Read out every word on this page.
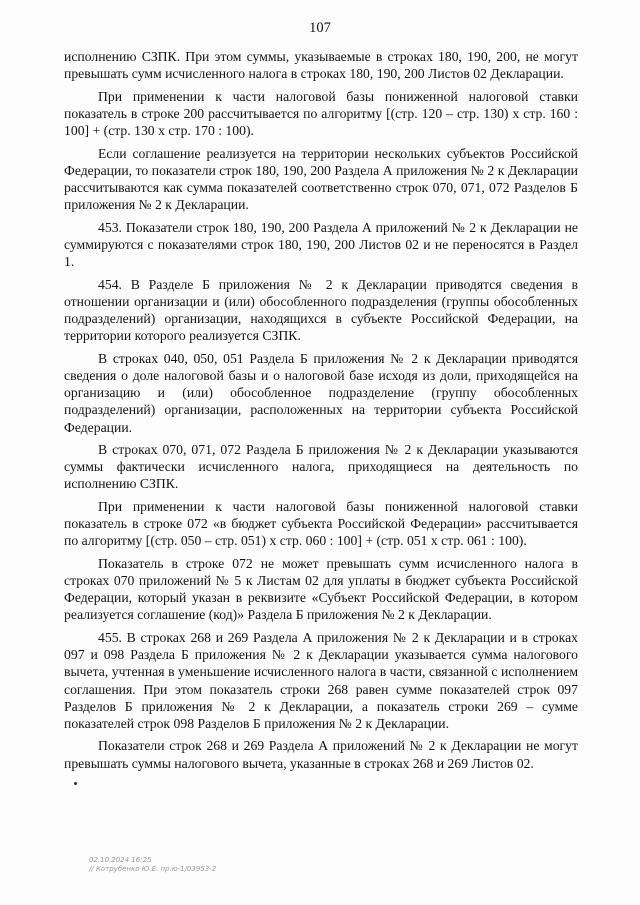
107

исполнению СЗПК. При этом суммы, указываемые в строках 180, 190, 200, не могут превышать сумм исчисленного налога в строках 180, 190, 200 Листов 02 Декларации.

При применении к части налоговой базы пониженной налоговой ставки показатель в строке 200 рассчитывается по алгоритму [(стр. 120 – стр. 130) х стр. 160 : 100] + (стр. 130 х стр. 170 : 100).

Если соглашение реализуется на территории нескольких субъектов Российской Федерации, то показатели строк 180, 190, 200 Раздела А приложения № 2 к Декларации рассчитываются как сумма показателей соответственно строк 070, 071, 072 Разделов Б приложения № 2 к Декларации.

453. Показатели строк 180, 190, 200 Раздела А приложений № 2 к Декларации не суммируются с показателями строк 180, 190, 200 Листов 02 и не переносятся в Раздел 1.

454. В Разделе Б приложения № 2 к Декларации приводятся сведения в отношении организации и (или) обособленного подразделения (группы обособленных подразделений) организации, находящихся в субъекте Российской Федерации, на территории которого реализуется СЗПК.

В строках 040, 050, 051 Раздела Б приложения № 2 к Декларации приводятся сведения о доле налоговой базы и о налоговой базе исходя из доли, приходящейся на организацию и (или) обособленное подразделение (группу обособленных подразделений) организации, расположенных на территории субъекта Российской Федерации.

В строках 070, 071, 072 Раздела Б приложения № 2 к Декларации указываются суммы фактически исчисленного налога, приходящиеся на деятельность по исполнению СЗПК.

При применении к части налоговой базы пониженной налоговой ставки показатель в строке 072 «в бюджет субъекта Российской Федерации» рассчитывается по алгоритму [(стр. 050 – стр. 051) х стр. 060 : 100] + (стр. 051 х стр. 061 : 100).

Показатель в строке 072 не может превышать сумм исчисленного налога в строках 070 приложений № 5 к Листам 02 для уплаты в бюджет субъекта Российской Федерации, который указан в реквизите «Субъект Российской Федерации, в котором реализуется соглашение (код)» Раздела Б приложения № 2 к Декларации.

455. В строках 268 и 269 Раздела А приложения № 2 к Декларации и в строках 097 и 098 Раздела Б приложения № 2 к Декларации указывается сумма налогового вычета, учтенная в уменьшение исчисленного налога в части, связанной с исполнением соглашения. При этом показатель строки 268 равен сумме показателей строк 097 Разделов Б приложения № 2 к Декларации, а показатель строки 269 – сумме показателей строк 098 Разделов Б приложения № 2 к Декларации.

Показатели строк 268 и 269 Раздела А приложений № 2 к Декларации не могут превышать суммы налогового вычета, указанные в строках 268 и 269 Листов 02.

02.10.2024 16:25
// Котрубенко Ю.Е. пр.ю-1/03953-2
